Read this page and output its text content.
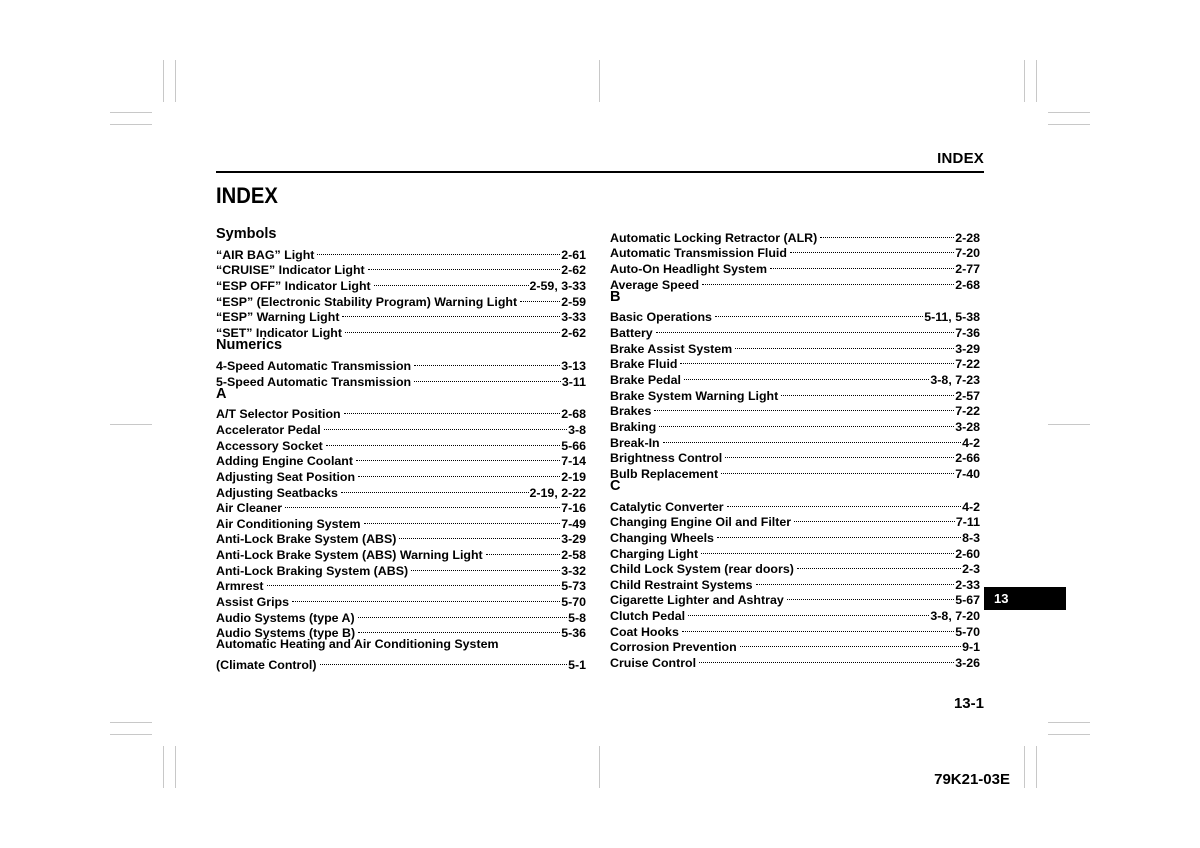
INDEX
INDEX
Symbols
“AIR BAG” Light	2-61
“CRUISE” Indicator Light	2-62
“ESP OFF” Indicator Light	2-59, 3-33
“ESP” (Electronic Stability Program) Warning Light	2-59
“ESP” Warning Light	3-33
“SET” Indicator Light	2-62
Numerics
4-Speed Automatic Transmission	3-13
5-Speed Automatic Transmission	3-11
A
A/T Selector Position	2-68
Accelerator Pedal	3-8
Accessory Socket	5-66
Adding Engine Coolant	7-14
Adjusting Seat Position	2-19
Adjusting Seatbacks	2-19, 2-22
Air Cleaner	7-16
Air Conditioning System	7-49
Anti-Lock Brake System (ABS)	3-29
Anti-Lock Brake System (ABS) Warning Light	2-58
Anti-Lock Braking System (ABS)	3-32
Armrest	5-73
Assist Grips	5-70
Audio Systems (type A)	5-8
Audio Systems (type B)	5-36
Automatic Heating and Air Conditioning System
(Climate Control)	5-1
Automatic Locking Retractor (ALR)	2-28
Automatic Transmission Fluid	7-20
Auto-On Headlight System	2-77
Average Speed	2-68
B
Basic Operations	5-11, 5-38
Battery	7-36
Brake Assist System	3-29
Brake Fluid	7-22
Brake Pedal	3-8, 7-23
Brake System Warning Light	2-57
Brakes	7-22
Braking	3-28
Break-In	4-2
Brightness Control	2-66
Bulb Replacement	7-40
C
Catalytic Converter	4-2
Changing Engine Oil and Filter	7-11
Changing Wheels	8-3
Charging Light	2-60
Child Lock System (rear doors)	2-3
Child Restraint Systems	2-33
Cigarette Lighter and Ashtray	5-67
Clutch Pedal	3-8, 7-20
Coat Hooks	5-70
Corrosion Prevention	9-1
Cruise Control	3-26
13
13-1
79K21-03E
